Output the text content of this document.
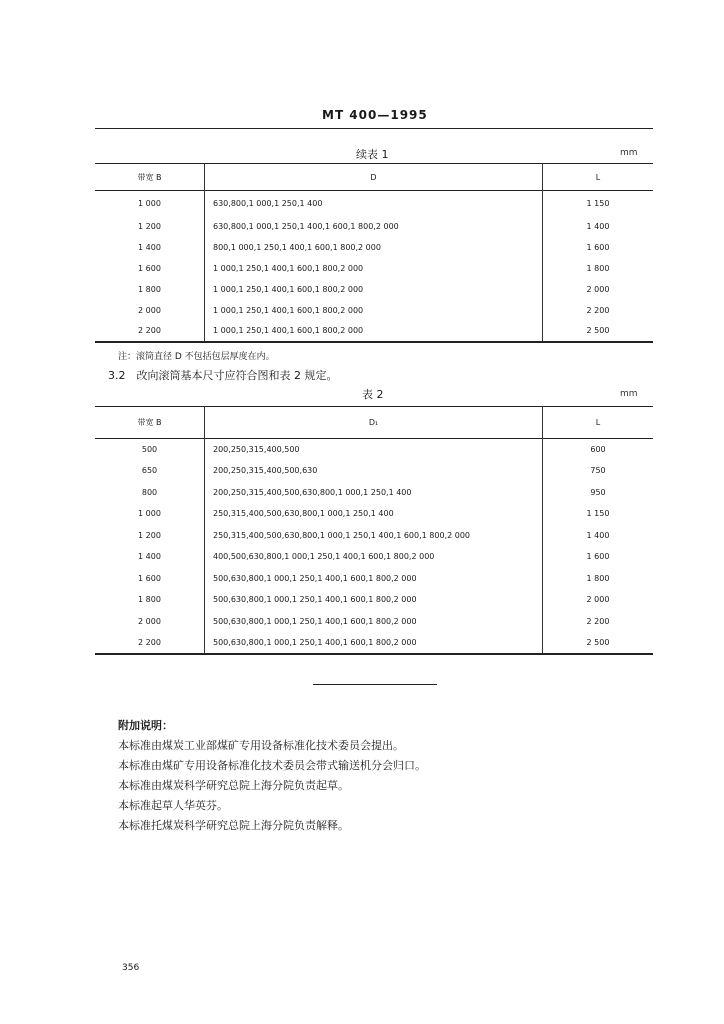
MT 400—1995
续表 1	mm
带宽 B	D	L
1 000	630,800,1 000,1 250,1 400	1 150
1 200	630,800,1 000,1 250,1 400,1 600,1 800,2 000	1 400
1 400	800,1 000,1 250,1 400,1 600,1 800,2 000	1 600
1 600	1 000,1 250,1 400,1 600,1 800,2 000	1 800
1 800	1 000,1 250,1 400,1 600,1 800,2 000	2 000
2 000	1 000,1 250,1 400,1 600,1 800,2 000	2 200
2 200	1 000,1 250,1 400,1 600,1 800,2 000	2 500
注：滚筒直径 D 不包括包层厚度在内。
3.2　改向滚筒基本尺寸应符合图和表 2 规定。
表 2	mm
带宽 B	D₁	L
500	200,250,315,400,500	600
650	200,250,315,400,500,630	750
800	200,250,315,400,500,630,800,1 000,1 250,1 400	950
1 000	250,315,400,500,630,800,1 000,1 250,1 400	1 150
1 200	250,315,400,500,630,800,1 000,1 250,1 400,1 600,1 800,2 000	1 400
1 400	400,500,630,800,1 000,1 250,1 400,1 600,1 800,2 000	1 600
1 600	500,630,800,1 000,1 250,1 400,1 600,1 800,2 000	1 800
1 800	500,630,800,1 000,1 250,1 400,1 600,1 800,2 000	2 000
2 000	500,630,800,1 000,1 250,1 400,1 600,1 800,2 000	2 200
2 200	500,630,800,1 000,1 250,1 400,1 600,1 800,2 000	2 500
附加说明：
本标准由煤炭工业部煤矿专用设备标准化技术委员会提出。
本标准由煤矿专用设备标准化技术委员会带式输送机分会归口。
本标准由煤炭科学研究总院上海分院负责起草。
本标准起草人华英芬。
本标准托煤炭科学研究总院上海分院负责解释。
356
